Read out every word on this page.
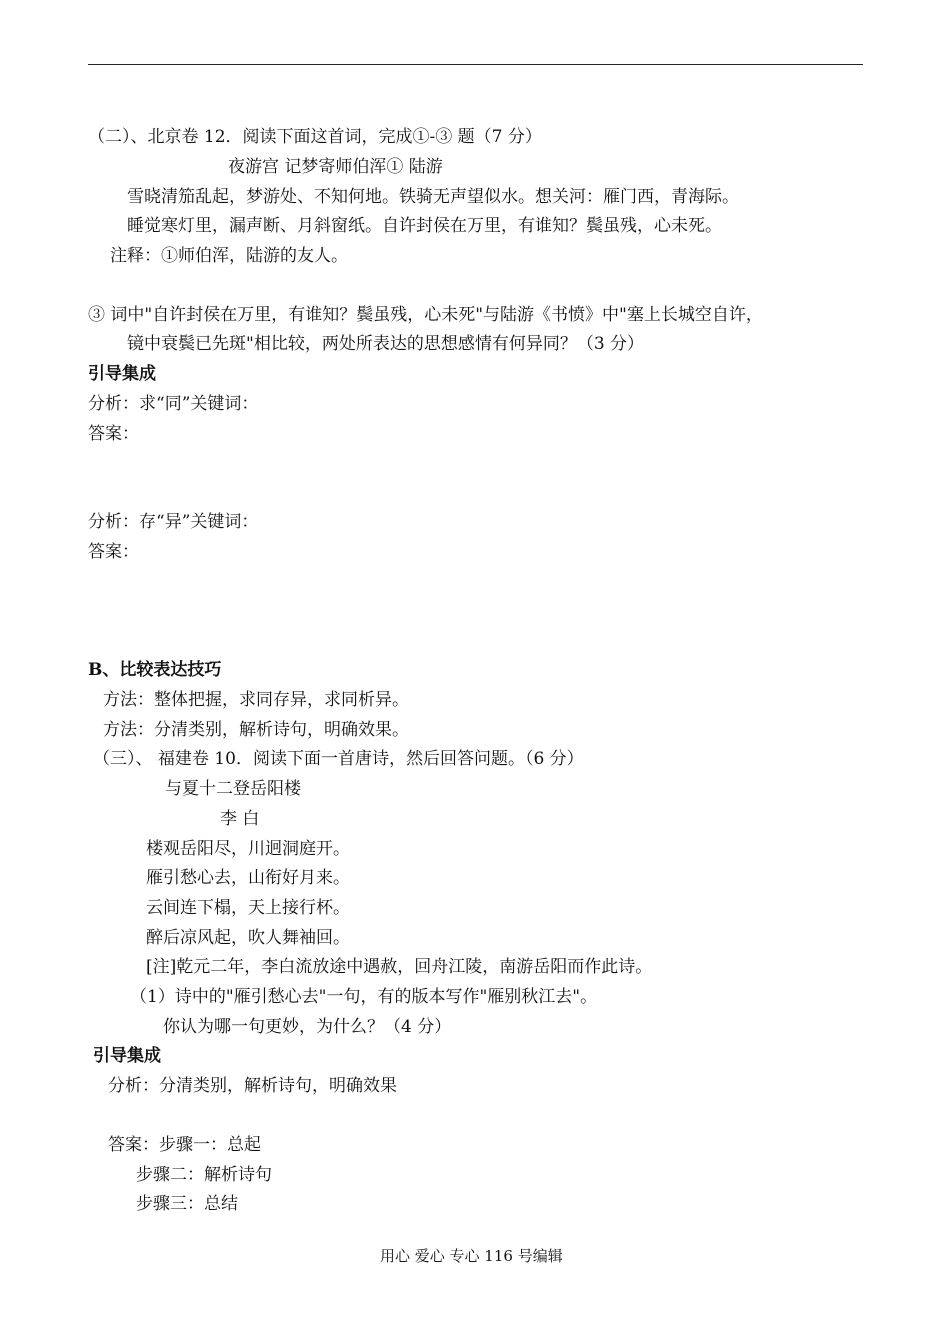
（二）、北京卷 12．阅读下面这首词，完成①-③ 题（7 分）
夜游宫 记梦寄师伯浑① 陆游
雪晓清笳乱起，梦游处、不知何地。铁骑无声望似水。想关河：雁门西，青海际。
睡觉寒灯里，漏声断、月斜窗纸。自许封侯在万里，有谁知？鬓虽残，心未死。
注释：①师伯浑，陆游的友人。
③ 词中"自许封侯在万里，有谁知？鬓虽残，心未死"与陆游《书愤》中"塞上长城空自许，
镜中衰鬓已先斑"相比较，两处所表达的思想感情有何异同？（3 分）
引导集成
分析：求“同”关键词：
答案：
分析：存“异”关键词：
答案：
B、比较表达技巧
方法：整体把握，求同存异，求同析异。
方法：分清类别，解析诗句，明确效果。
（三）、 福建卷 10．阅读下面一首唐诗，然后回答问题。（6 分）
与夏十二登岳阳楼
李 白
楼观岳阳尽，川迥洞庭开。
雁引愁心去，山衔好月来。
云间连下榻，天上接行杯。
醉后凉风起，吹人舞袖回。
[注]乾元二年，李白流放途中遇赦，回舟江陵，南游岳阳而作此诗。
（1）诗中的"雁引愁心去"一句，有的版本写作"雁别秋江去"。
你认为哪一句更妙，为什么？（4 分）
引导集成
分析：分清类别，解析诗句，明确效果
答案：步骤一：总起
步骤二：解析诗句
步骤三：总结
用心 爱心 专心 116 号编辑
